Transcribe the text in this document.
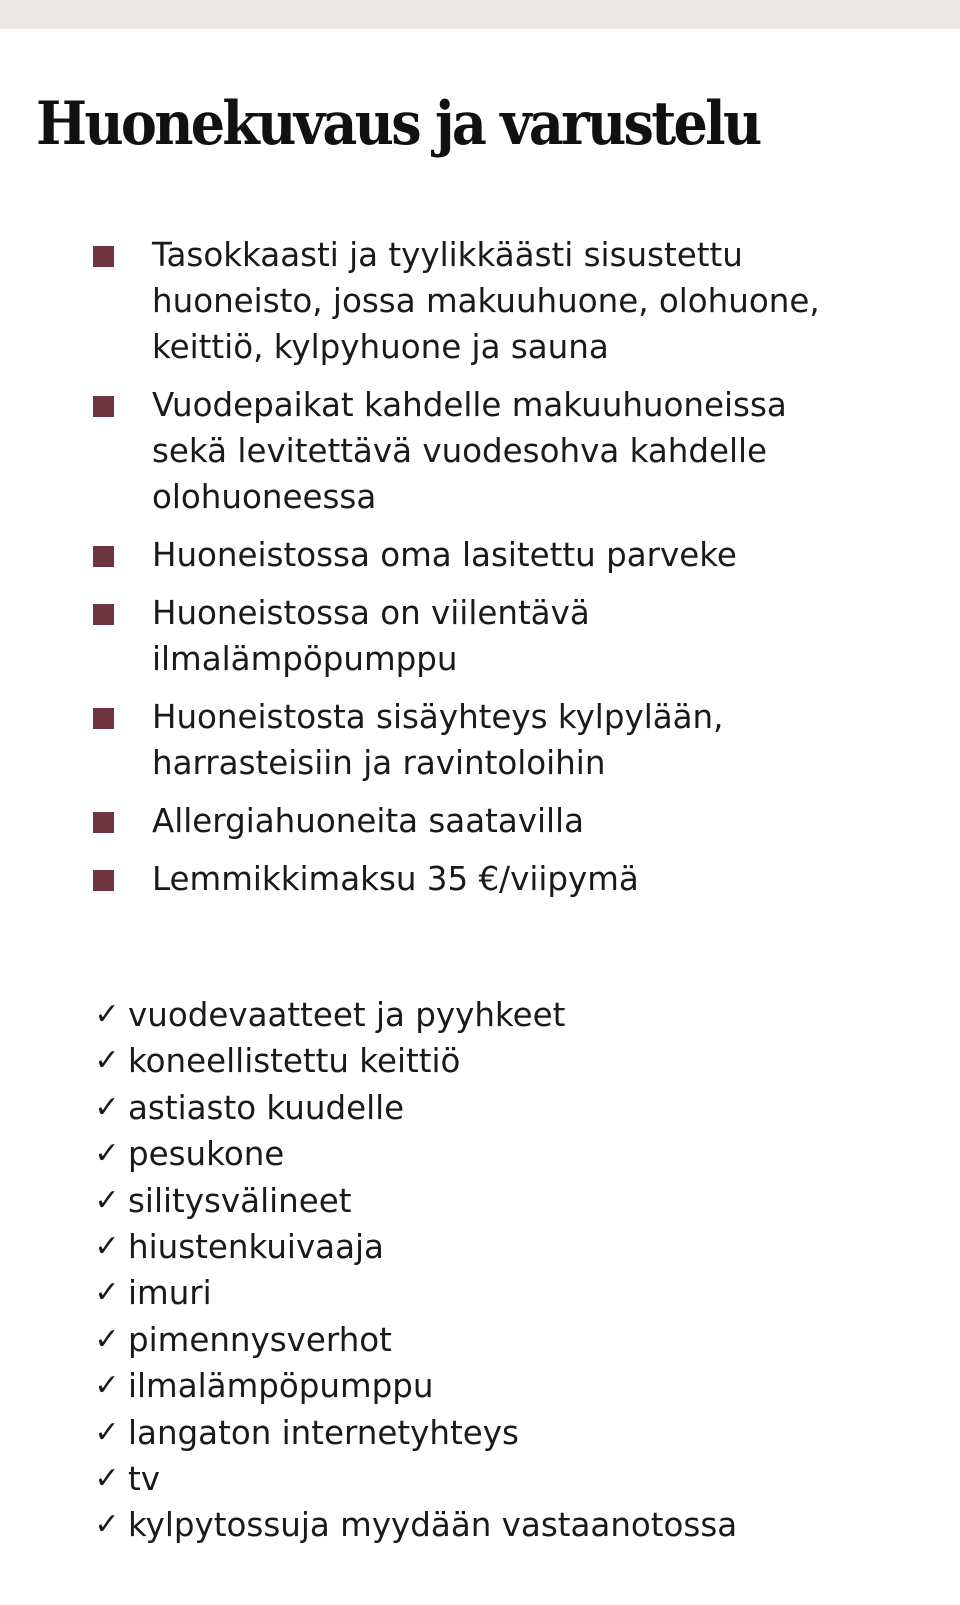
Huonekuvaus ja varustelu
Tasokkaasti ja tyylikkäästi sisustettu huoneisto, jossa makuuhuone, olohuone, keittiö, kylpyhuone ja sauna
Vuodepaikat kahdelle makuuhuoneissa sekä levitettävä vuodesohva kahdelle olohuoneessa
Huoneistossa oma lasitettu parveke
Huoneistossa on viilentävä ilmalämpöpumppu
Huoneistosta sisäyhteys kylpylään, harrasteisiin ja ravintoloihin
Allergiahuoneita saatavilla
Lemmikkimaksu 35 €/viipymä
✓ vuodevaatteet ja pyyhkeet
✓ koneellistettu keittiö
✓ astiasto kuudelle
✓ pesukone
✓ silitysvälineet
✓ hiustenkuivaaja
✓ imuri
✓ pimennysverhot
✓ ilmalämpöpumppu
✓ langaton internetyhteys
✓ tv
✓ kylpytossuja myydään vastaanotossa
